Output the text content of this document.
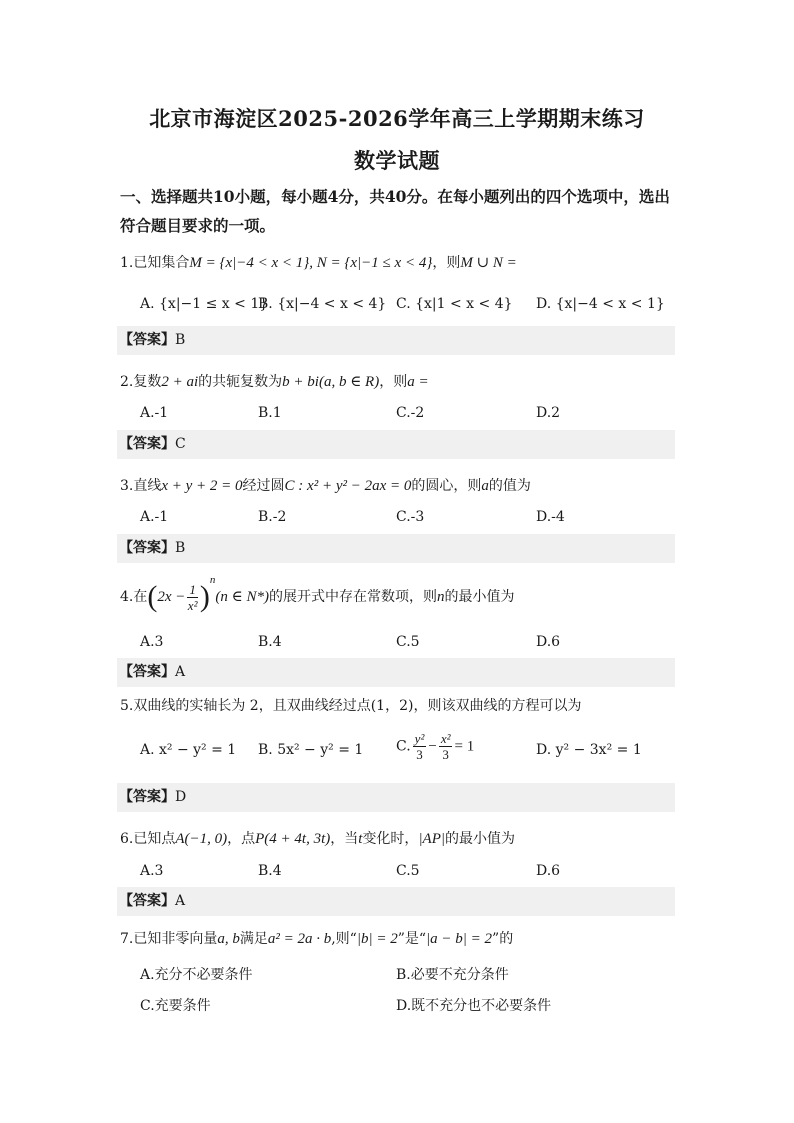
北京市海淀区2025-2026学年高三上学期期末练习
数学试题
一、选择题共10小题，每小题4分，共40分。在每小题列出的四个选项中，选出符合题目要求的一项。
1.已知集合M = {x|−4 < x < 1}, N = {x|−1 ≤ x < 4}，则M ∪ N =
A. {x|−1 ≤ x < 1}
B. {x|−4 < x < 4} C. {x|1 < x < 4} D. {x|−4 < x < 1}
【答案】B
2.复数2 + ai的共轭复数为b + bi(a, b ∈ R)，则a =
A.-1	B.1	C.-2	D.2
【答案】C
3.直线x + y + 2 = 0经过圆C : x² + y² − 2ax = 0的圆心，则a的值为
A.-1	B.-2	C.-3	D.-4
【答案】B
4.在$(2x - \frac{1}{\text{x²}} )^n(n$ ∈ N*)的展开式中存在常数项，则n的最小值为
A.3	B.4	C.5	D.6
【答案】A
5.双曲线的实轴长为 2，且双曲线经过点(1，2)，则该双曲线的方程可以为
A. x² − y² = 1 B. 5x² − y² = 1 C. $\frac{\text{y²}}{3} - \frac{\text{x²}}{3} = 1$	D. y² − 3x² = 1
【答案】D
6.已知点A(−1, 0)，点P(4 + 4t, 3t)，当t变化时，|AP|的最小值为
A.3	B.4	C.5	D.6
【答案】A
7.已知非零向量a, b满足a² = 2a · b,则“|b| = 2”是“|a − b| = 2”的
A.充分不必要条件	B.必要不充分条件
C.充要条件	D.既不充分也不必要条件
